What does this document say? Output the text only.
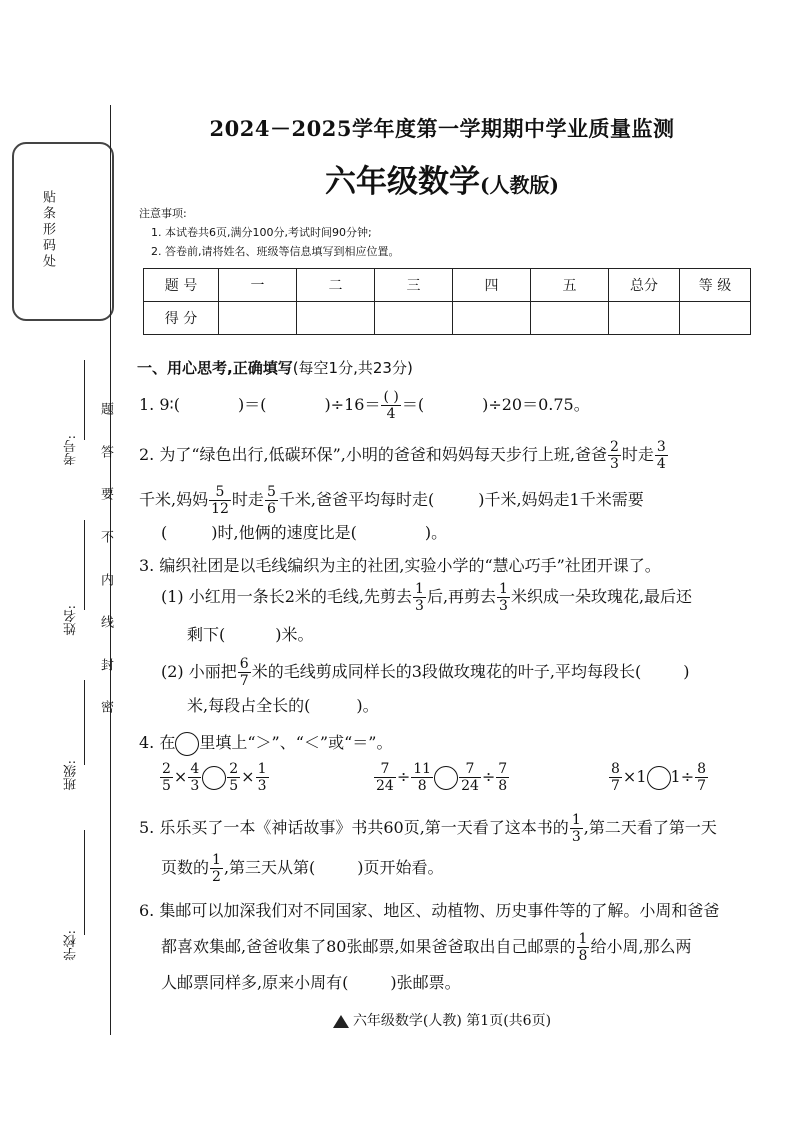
贴条形码处
题
答
要
不
内
线
封
密
考号:
姓名:
班级:
学校:
2024－2025学年度第一学期期中学业质量监测
六年级数学(人教版)
注意事项:
1. 本试卷共6页,满分100分,考试时间90分钟;
2. 答卷前,请将姓名、班级等信息填写到相应位置。
题 号	一	二	三	四	五	总分	等 级
得 分							
一、用心思考,正确填写(每空1分,共23分)
1. 9∶(	)＝(	)$\div 16= \frac{( )}{4}$ ＝(	)÷20＝0.75。
2. 为了“绿色出行,低碳环保”,小明的爸爸和妈妈每天步行上班,爸爸 $\frac{2}{3}$ 时走 $\frac{3}{4}$
千米,妈妈 $\frac{5}{12}$ 时走 $\frac{5}{6}$ 千米,爸爸平均每时走(	)千米,妈妈走1千米需要
(	)时,他俩的速度比是(	)。
3. 编织社团是以毛线编织为主的社团,实验小学的“慧心巧手”社团开课了。
(1) 小红用一条长2米的毛线,先剪去 $\frac{1}{3}$ 后,再剪去 $\frac{1}{3}$ 米织成一朵玫瑰花,最后还
剩下(	)米。
(2) 小丽把 $\frac{6}{7}$ 米的毛线剪成同样长的3段做玫瑰花的叶子,平均每段长(	)
米,每段占全长的(	)。
4. 在 里填上“＞”、“＜”或“＝”。
$\frac{2}{5} \times \frac{4}{3} \frac{2}{5} \times \frac{1}{3}$	$\frac{7}{24} \div \frac{11}{8} \frac{7}{24} \div \frac{7}{8}$	$\frac{8}{7} \times 1$ $1\div \frac{8}{7}$
5. 乐乐买了一本《神话故事》书共60页,第一天看了这本书的 $\frac{1}{3}$ ,第二天看了第一天
页数的 $\frac{1}{2}$ ,第三天从第(	)页开始看。
6. 集邮可以加深我们对不同国家、地区、动植物、历史事件等的了解。小周和爸爸
都喜欢集邮,爸爸收集了80张邮票,如果爸爸取出自己邮票的 $\frac{1}{8}$ 给小周,那么两
人邮票同样多,原来小周有(	)张邮票。
六年级数学(人教) 第1页(共6页)
